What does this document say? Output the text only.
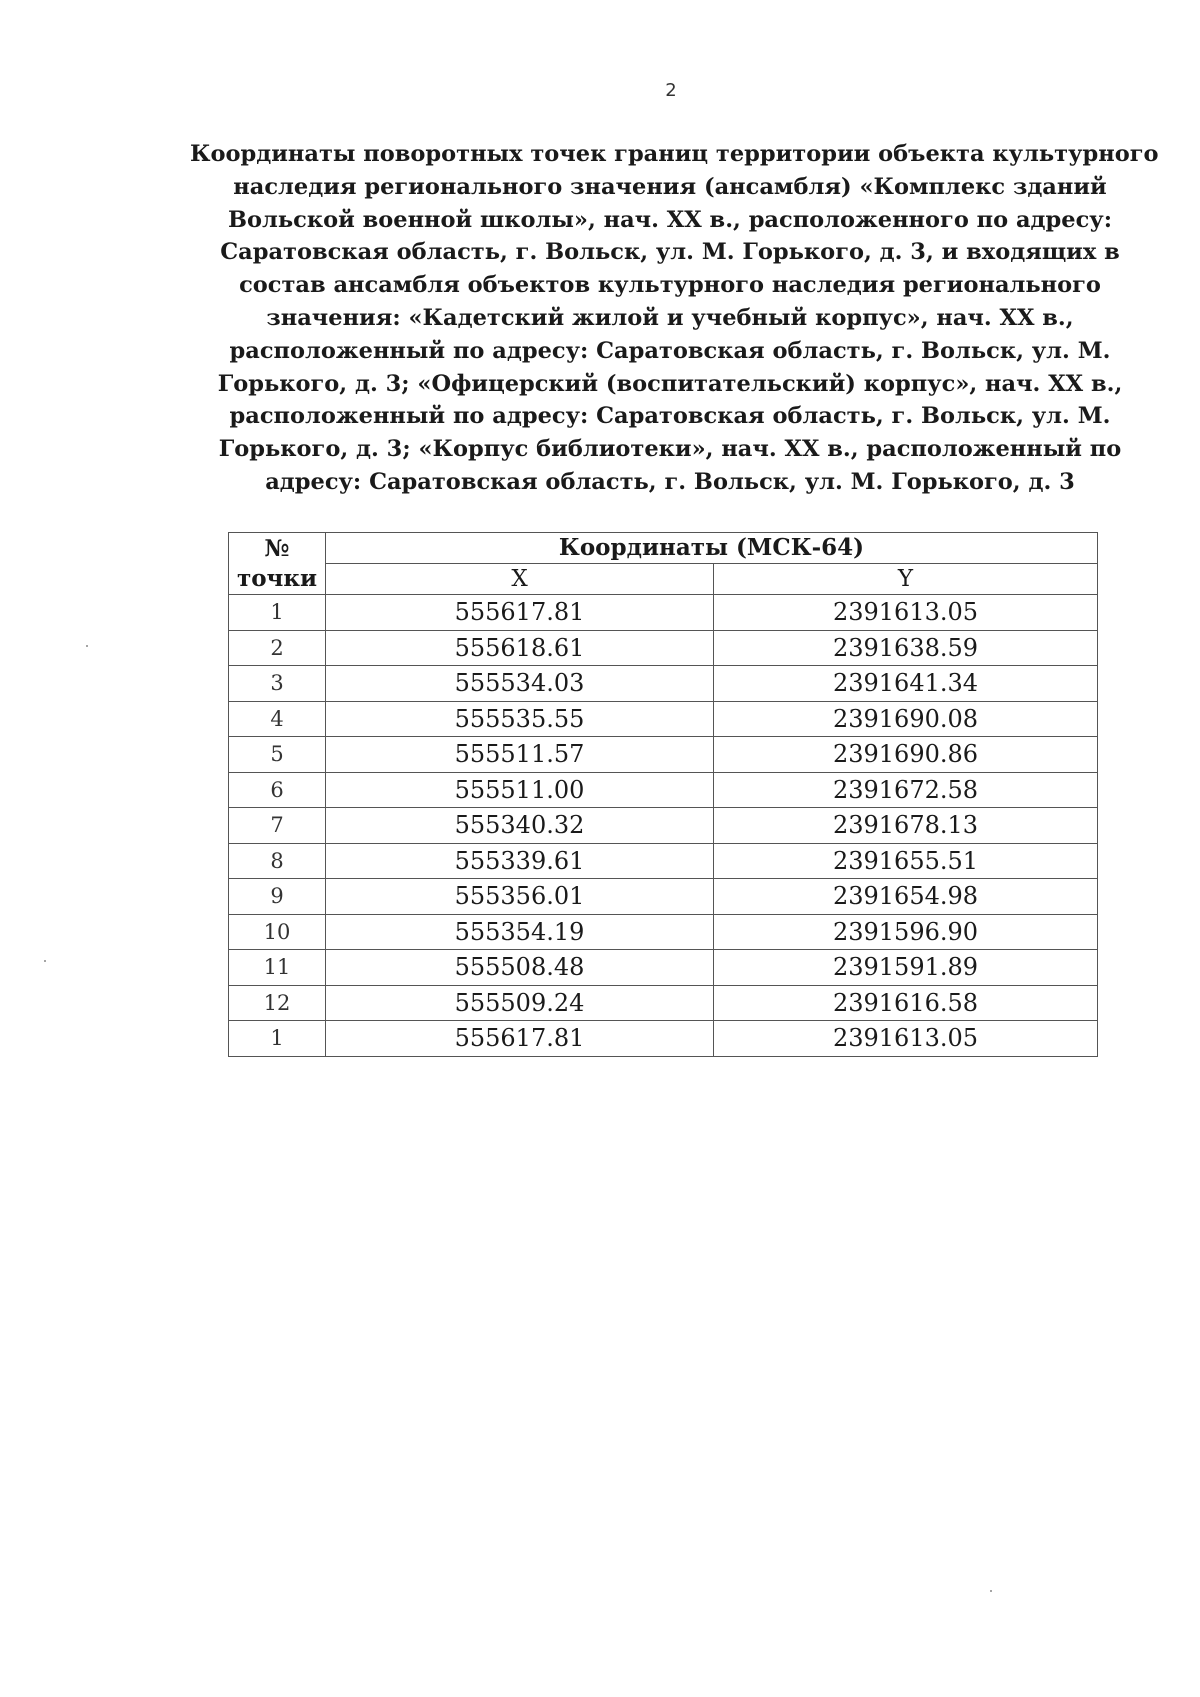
2
Координаты поворотных точек границ территории объекта культурного
наследия регионального значения (ансамбля) «Комплекс зданий
Вольской военной школы», нач. XX в., расположенного по адресу:
Саратовская область, г. Вольск, ул. М. Горького, д. 3, и входящих в
состав ансамбля объектов культурного наследия регионального
значения: «Кадетский жилой и учебный корпус», нач. XX в.,
расположенный по адресу: Саратовская область, г. Вольск, ул. М.
Горького, д. 3; «Офицерский (воспитательский) корпус», нач. XX в.,
расположенный по адресу: Саратовская область, г. Вольск, ул. М.
Горького, д. 3; «Корпус библиотеки», нач. XX в., расположенный по
адресу: Саратовская область, г. Вольск, ул. М. Горького, д. 3
№ точки	Координаты (МСК-64)	
	X	Y
1	555617.81	2391613.05
2	555618.61	2391638.59
3	555534.03	2391641.34
4	555535.55	2391690.08
5	555511.57	2391690.86
6	555511.00	2391672.58
7	555340.32	2391678.13
8	555339.61	2391655.51
9	555356.01	2391654.98
10	555354.19	2391596.90
11	555508.48	2391591.89
12	555509.24	2391616.58
1	555617.81	2391613.05
